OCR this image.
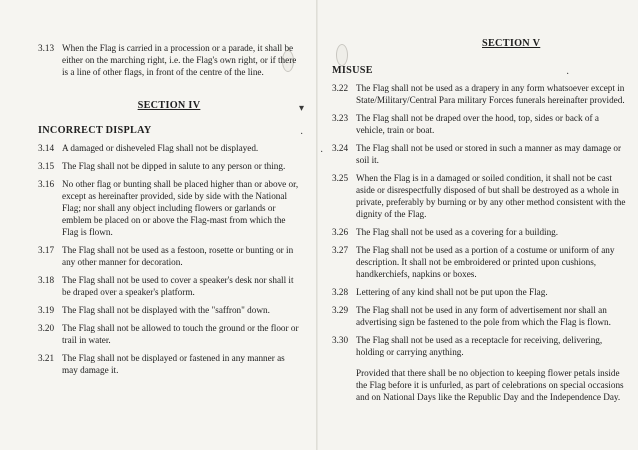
▾
·
3.13 When the Flag is carried in a procession or a parade, it shall be either on the marching right, i.e. the Flag's own right, or if there is a line of other flags, in front of the centre of the line.
SECTION IV
INCORRECT DISPLAY
3.14 A damaged or disheveled Flag shall not be displayed.
3.15 The Flag shall not be dipped in salute to any person or thing.
3.16 No other flag or bunting shall be placed higher than or above or, except as hereinafter provided, side by side with the National Flag; nor shall any object including flowers or garlands or emblem be placed on or above the Flag-mast from which the Flag is flown.
3.17 The Flag shall not be used as a festoon, rosette or bunting or in any other manner for decoration.
3.18 The Flag shall not be used to cover a speaker's desk nor shall it be draped over a speaker's platform.
3.19 The Flag shall not be displayed with the "saffron" down.
3.20 The Flag shall not be allowed to touch the ground or the floor or trail in water.
3.21 The Flag shall not be displayed or fastened in any manner as may damage it.
·
·
SECTION V
MISUSE
3.22 The Flag shall not be used as a drapery in any form whatsoever except in State/Military/Central Para military Forces funerals hereinafter provided.
3.23 The Flag shall not be draped over the hood, top, sides or back of a vehicle, train or boat.
3.24 The Flag shall not be used or stored in such a manner as may damage or soil it.
3.25 When the Flag is in a damaged or soiled condition, it shall not be cast aside or disrespectfully disposed of but shall be destroyed as a whole in private, preferably by burning or by any other method consistent with the dignity of the Flag.
3.26 The Flag shall not be used as a covering for a building.
3.27 The Flag shall not be used as a portion of a costume or uniform of any description. It shall not be embroidered or printed upon cushions, handkerchiefs, napkins or boxes.
3.28 Lettering of any kind shall not be put upon the Flag.
3.29 The Flag shall not be used in any form of advertisement nor shall an advertising sign be fastened to the pole from which the Flag is flown.
3.30 The Flag shall not be used as a receptacle for receiving, delivering, holding or carrying anything.

Provided that there shall be no objection to keeping flower petals inside the Flag before it is unfurled, as part of celebrations on special occasions and on National Days like the Republic Day and the Independence Day.
